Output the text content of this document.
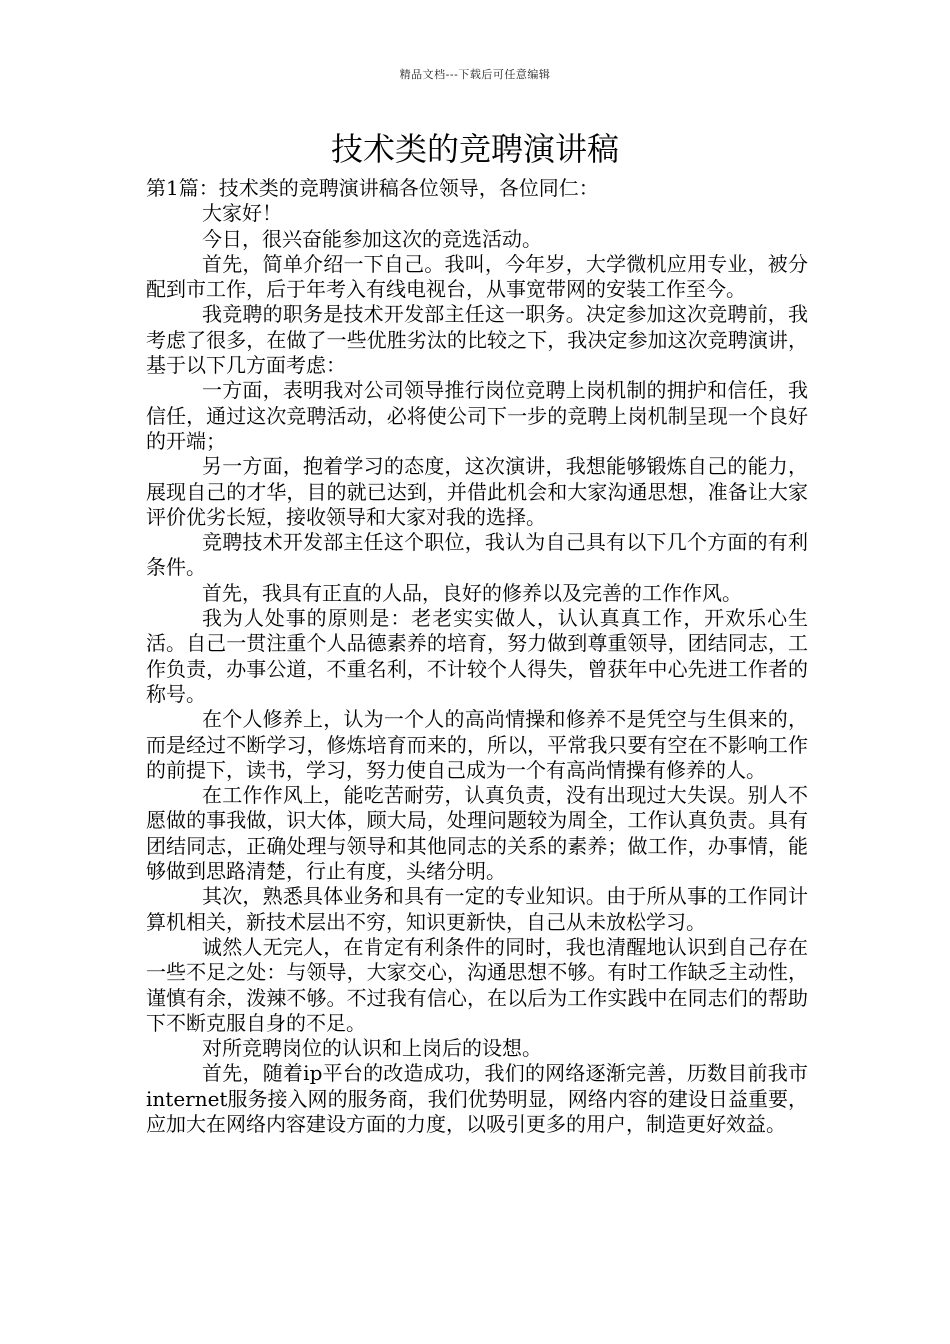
精品文档---下载后可任意编辑
技术类的竞聘演讲稿

第1篇：技术类的竞聘演讲稿各位领导，各位同仁：

大家好！

今日，很兴奋能参加这次的竞选活动。

首先，简单介绍一下自己。我叫，今年岁，大学微机应用专业，被分配到市工作，后于年考入有线电视台，从事宽带网的安装工作至今。

我竞聘的职务是技术开发部主任这一职务。决定参加这次竞聘前，我考虑了很多，在做了一些优胜劣汰的比较之下，我决定参加这次竞聘演讲，基于以下几方面考虑：

一方面，表明我对公司领导推行岗位竞聘上岗机制的拥护和信任，我信任，通过这次竞聘活动，必将使公司下一步的竞聘上岗机制呈现一个良好的开端；

另一方面，抱着学习的态度，这次演讲，我想能够锻炼自己的能力，展现自己的才华，目的就已达到，并借此机会和大家沟通思想，准备让大家评价优劣长短，接收领导和大家对我的选择。

竞聘技术开发部主任这个职位，我认为自己具有以下几个方面的有利条件。

首先，我具有正直的人品，良好的修养以及完善的工作作风。

我为人处事的原则是：老老实实做人，认认真真工作，开欢乐心生活。自己一贯注重个人品德素养的培育，努力做到尊重领导，团结同志，工作负责，办事公道，不重名利，不计较个人得失，曾获年中心先进工作者的称号。

在个人修养上，认为一个人的高尚情操和修养不是凭空与生俱来的，而是经过不断学习，修炼培育而来的，所以，平常我只要有空在不影响工作的前提下，读书，学习，努力使自己成为一个有高尚情操有修养的人。

在工作作风上，能吃苦耐劳，认真负责，没有出现过大失误。别人不愿做的事我做，识大体，顾大局，处理问题较为周全，工作认真负责。具有团结同志，正确处理与领导和其他同志的关系的素养；做工作，办事情，能够做到思路清楚，行止有度，头绪分明。

其次，熟悉具体业务和具有一定的专业知识。由于所从事的工作同计算机相关，新技术层出不穷，知识更新快，自己从未放松学习。

诚然人无完人，在肯定有利条件的同时，我也清醒地认识到自己存在一些不足之处：与领导，大家交心，沟通思想不够。有时工作缺乏主动性，谨慎有余，泼辣不够。不过我有信心，在以后为工作实践中在同志们的帮助下不断克服自身的不足。

对所竞聘岗位的认识和上岗后的设想。

首先，随着ip平台的改造成功，我们的网络逐渐完善，历数目前我市internet服务接入网的服务商，我们优势明显，网络内容的建设日益重要，应加大在网络内容建设方面的力度，以吸引更多的用户，制造更好效益。
